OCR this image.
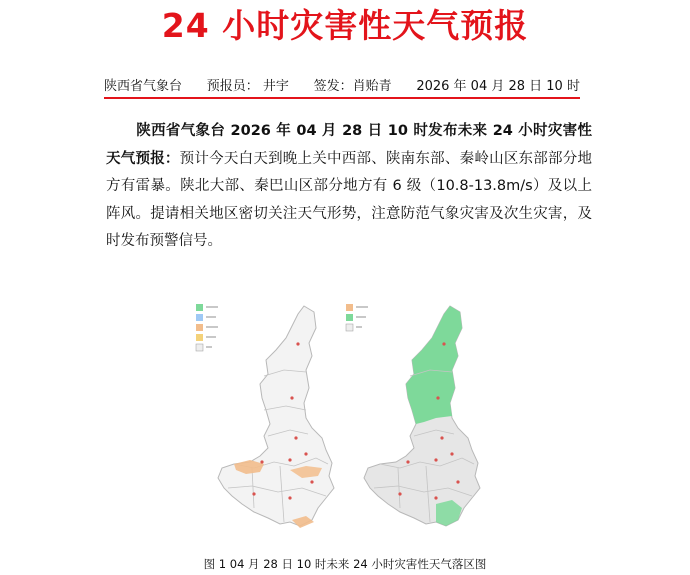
24 小时灾害性天气预报
陕西省气象台 预报员： 井宇 签发：肖贻青 2026 年 04 月 28 日 10 时
陕西省气象台 2026 年 04 月 28 日 10 时发布未来 24 小时灾害性天气预报：预计今天白天到晚上关中西部、陕南东部、秦岭山区东部部分地方有雷暴。陕北大部、秦巴山区部分地方有 6 级（10.8-13.8m/s）及以上阵风。提请相关地区密切关注天气形势，注意防范气象灾害及次生灾害，及时发布预警信号。
图 1 04 月 28 日 10 时未来 24 小时灾害性天气落区图
